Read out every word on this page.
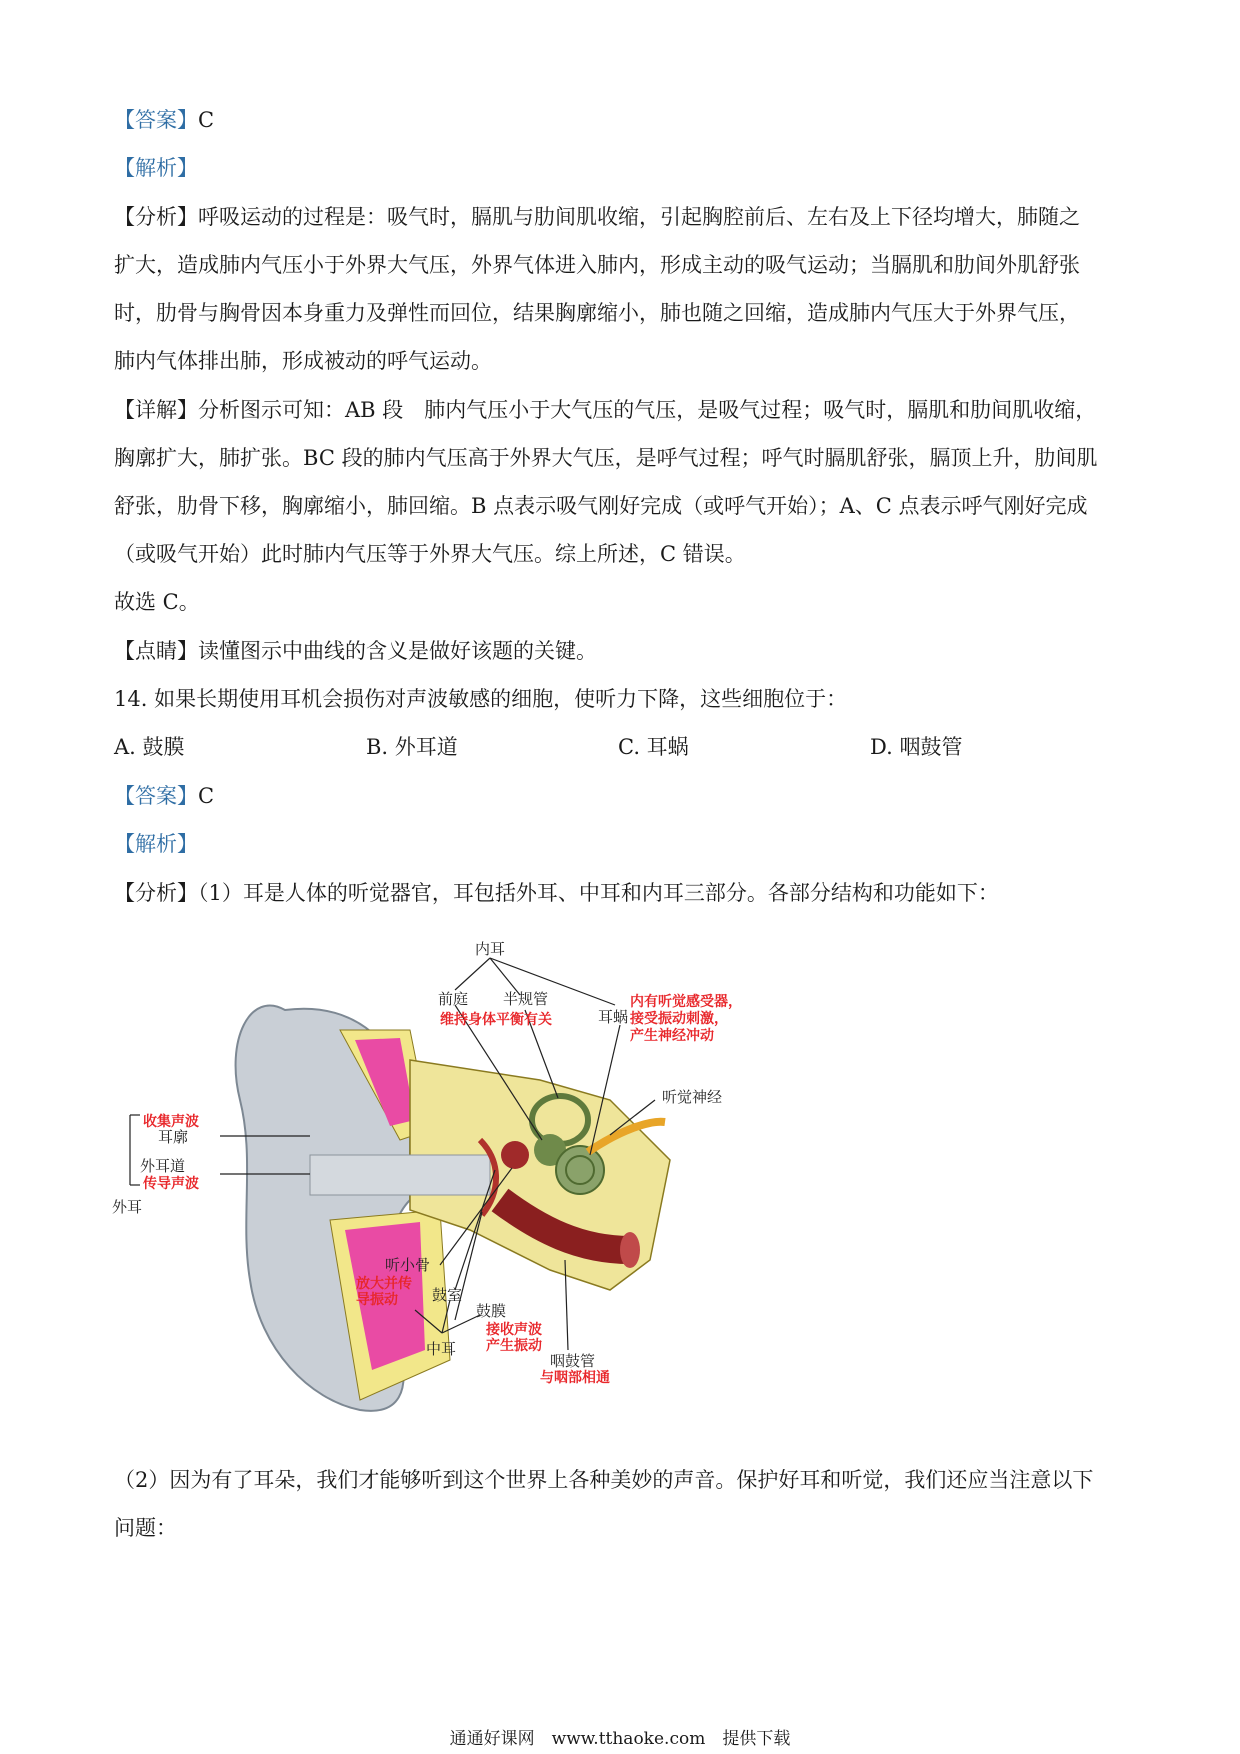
【答案】C
【解析】
【分析】呼吸运动的过程是：吸气时，膈肌与肋间肌收缩，引起胸腔前后、左右及上下径均增大，肺随之
扩大，造成肺内气压小于外界大气压，外界气体进入肺内，形成主动的吸气运动；当膈肌和肋间外肌舒张
时，肋骨与胸骨因本身重力及弹性而回位，结果胸廓缩小，肺也随之回缩，造成肺内气压大于外界气压，
肺内气体排出肺，形成被动的呼气运动。
【详解】分析图示可知：AB 段　肺内气压小于大气压的气压，是吸气过程；吸气时，膈肌和肋间肌收缩，
胸廓扩大，肺扩张。BC 段的肺内气压高于外界大气压，是呼气过程；呼气时膈肌舒张，膈顶上升，肋间肌
舒张，肋骨下移，胸廓缩小，肺回缩。B 点表示吸气刚好完成（或呼气开始）；A、C 点表示呼气刚好完成
（或吸气开始）此时肺内气压等于外界大气压。综上所述，C 错误。
故选 C。
【点睛】读懂图示中曲线的含义是做好该题的关键。
14. 如果长期使用耳机会损伤对声波敏感的细胞，使听力下降，这些细胞位于：
A. 鼓膜	B. 外耳道	C. 耳蜗	D. 咽鼓管
【答案】C
【解析】
【分析】（1）耳是人体的听觉器官，耳包括外耳、中耳和内耳三部分。各部分结构和功能如下：
内耳
前庭 半规管
维持身体平衡有关	耳蜗
内有听觉感受器，
接受振动刺激，
产生神经冲动
听觉神经
收集声波
耳廓
外耳道
传导声波
外耳
听小骨
放大并传
导振动 鼓室
鼓膜
接收声波
产生振动
中耳
咽鼓管
与咽部相通
（2）因为有了耳朵，我们才能够听到这个世界上各种美妙的声音。保护好耳和听觉，我们还应当注意以下
问题：
通通好课网　www.tthaoke.com　提供下载
